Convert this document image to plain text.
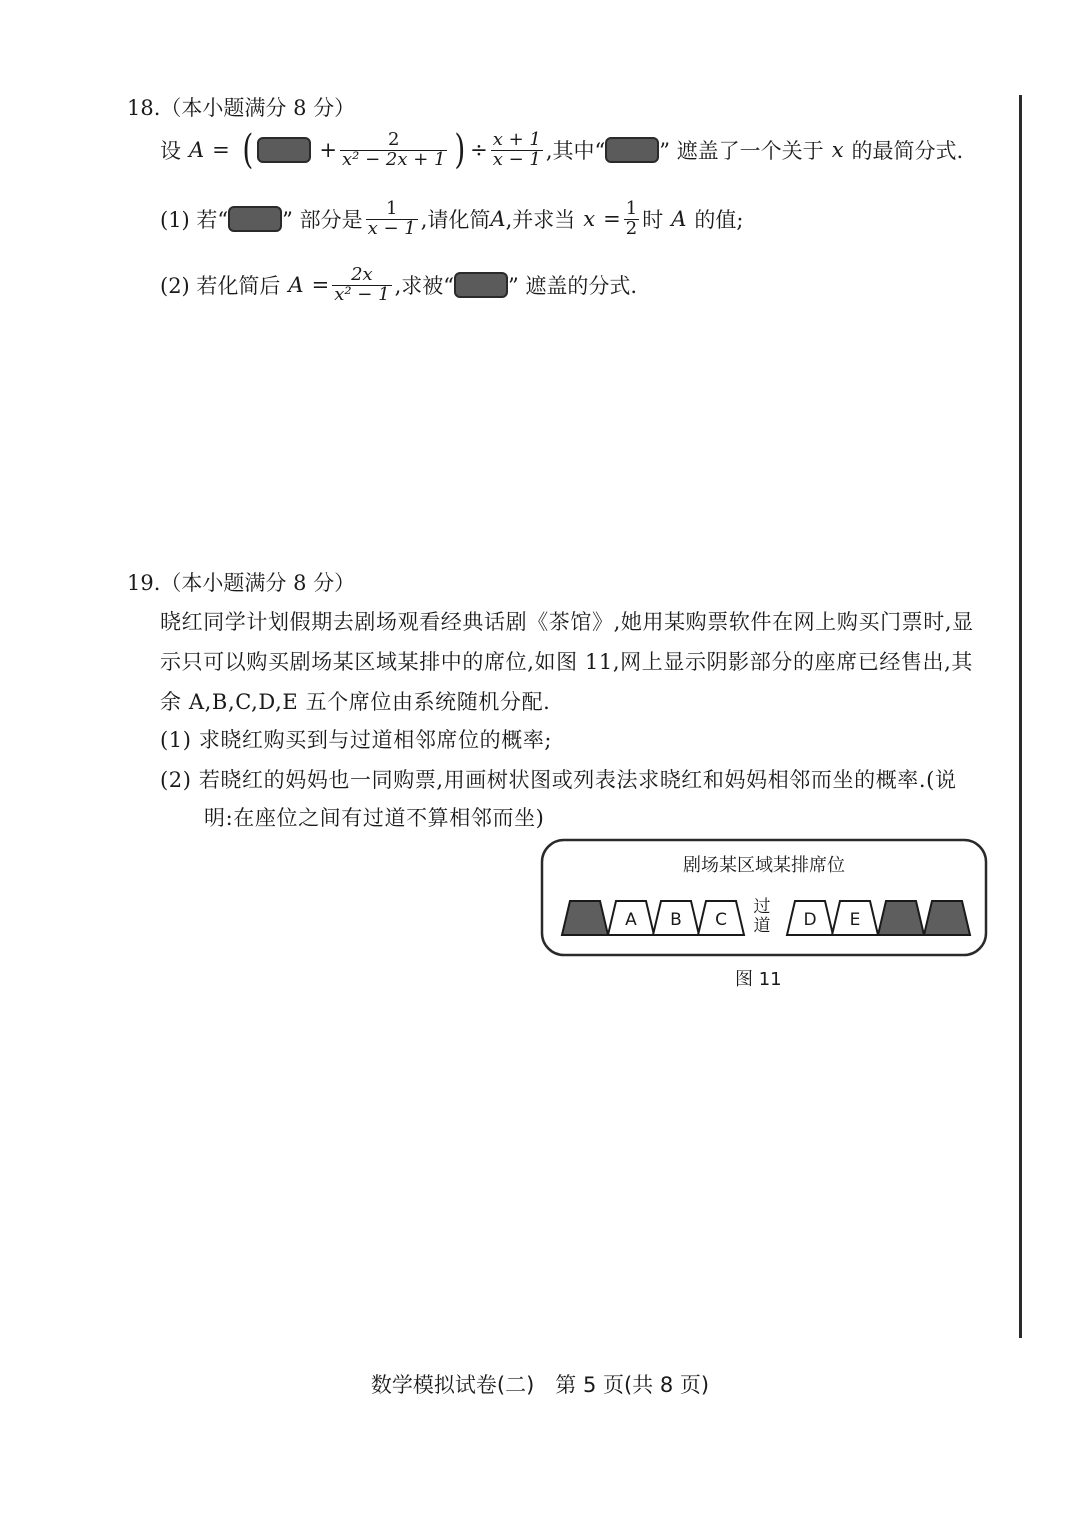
18.（本小题满分 8 分）
设 A = (	+ $\frac{2}{\text{x² − 2x + 1}}$ ) ÷ $\frac{x + 1}{x - 1}$ ,其中“	” 遮盖了一个关于 x 的最简分式.
(1) 若“	” 部分是 $\frac{1}{x - 1}$ ,请化简 A ,并求当 $x = \frac{1}{2}$ 时 A 的值;
(2) 若化简后 $A = \frac{2x}{\text{x² − 1}}$ ,求被“	” 遮盖的分式.
19.（本小题满分 8 分）
晓红同学计划假期去剧场观看经典话剧《茶馆》,她用某购票软件在网上购买门票时,显
示只可以购买剧场某区域某排中的席位,如图 11,网上显示阴影部分的座席已经售出,其
余 A,B,C,D,E 五个席位由系统随机分配.
(1) 求晓红购买到与过道相邻席位的概率;
(2) 若晓红的妈妈也一同购票,用画树状图或列表法求晓红和妈妈相邻而坐的概率.(说
明:在座位之间有过道不算相邻而坐)
剧场某区域某排席位
A B C	D E
过
道
图 11
数学模拟试卷(二)　第 5 页(共 8 页)
